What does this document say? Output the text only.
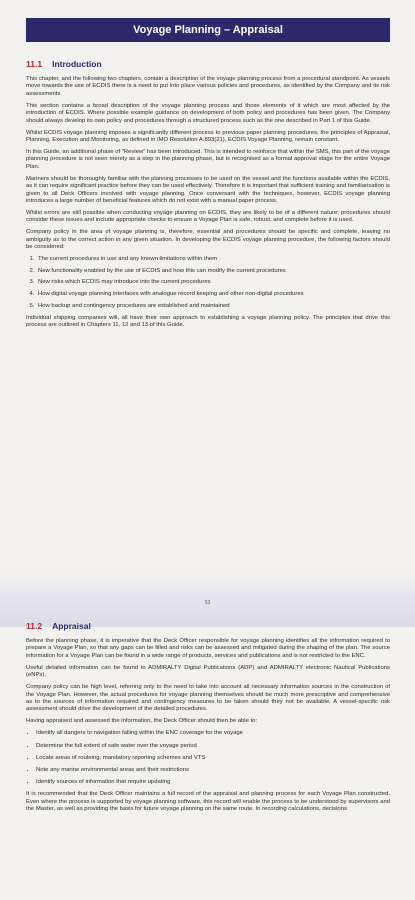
Voyage Planning – Appraisal
11.1 Introduction

This chapter, and the following two chapters, contain a description of the voyage planning process from a procedural standpoint. As vessels move towards the use of ECDIS there is a need to put into place various policies and procedures, as identified by the Company and its risk assessments.

This section contains a broad description of the voyage planning process and those elements of it which are most affected by the introduction of ECDIS. Where possible example guidance on development of both policy and procedures has been given. The Company should always develop its own policy and procedures through a structured process such as the one described in Part 1 of this Guide.

Whilst ECDIS voyage planning imposes a significantly different process to previous paper planning procedures, the principles of Appraisal, Planning, Execution and Monitoring, as defined in IMO Resolution A.893(21), ECDIS Voyage Planning, remain constant.

In this Guide, an additional phase of "Review" has been introduced. This is intended to reinforce that within the SMS, this part of the voyage planning procedure is not seen merely as a step in the planning phase, but is recognised as a formal approval stage for the entire Voyage Plan.

Mariners should be thoroughly familiar with the planning processes to be used on the vessel and the functions available within the ECDIS, as it can require significant practice before they can be used effectively. Therefore it is important that sufficient training and familiarisation is given to all Deck Officers involved with voyage planning. Once conversant with the techniques, however, ECDIS voyage planning introduces a large number of beneficial features which do not exist with a manual paper process.

Whilst errors are still possible when conducting voyage planning on ECDIS, they are likely to be of a different nature; procedures should consider these issues and include appropriate checks to ensure a Voyage Plan is safe, robust, and complete before it is used.

Company policy in the area of voyage planning is, therefore, essential and procedures should be specific and complete, leaving no ambiguity as to the correct action in any given situation. In developing the ECDIS voyage planning procedure, the following factors should be considered:

1. The current procedures in use and any known limitations within them
2. New functionality enabled by the use of ECDIS and how this can modify the current procedures
3. New risks which ECDIS may introduce into the current procedures
4. How digital voyage planning interfaces with analogue record keeping and other non-digital procedures
5. How backup and contingency procedures are established and maintained

Individual shipping companies will, all have their own approach to establishing a voyage planning policy. The principles that drive this process are outlined in Chapters 11, 12 and 13 of this Guide.

53
11.2 Appraisal

Before the planning phase, it is imperative that the Deck Officer responsible for voyage planning identifies all the information required to prepare a Voyage Plan, so that any gaps can be filled and risks can be assessed and mitigated during the shaping of the plan. The source information for a Voyage Plan can be found in a wide range of products, services and publications and is not restricted to the ENC.

Useful detailed information can be found in ADMIRALTY Digital Publications (ADP) and ADMIRALTY electronic Nautical Publications (eNPs).

Company policy can be high level, referring only to the need to take into account all necessary information sources in the construction of the Voyage Plan. However, the actual procedures for voyage planning themselves should be much more prescriptive and comprehensive as to the sources of information required and contingency measures to be taken should they not be available. A vessel-specific risk assessment should drive the development of the detailed procedures.

Having appraised and assessed the information, the Deck Officer should then be able to:

• Identify all dangers to navigation falling within the ENC coverage for the voyage
• Determine the full extent of safe water over the voyage period
• Locate areas of routeing, mandatory reporting schemes and VTS
• Note any marine environmental areas and their restrictions
• Identify sources of information that require updating

It is recommended that the Deck Officer maintains a full record of the appraisal and planning process for each Voyage Plan constructed. Even where the process is supported by voyage planning software, this record will enable the process to be understood by supervisors and the Master, as well as providing the basis for future voyage planning on the same route. In recording calculations, decisions
